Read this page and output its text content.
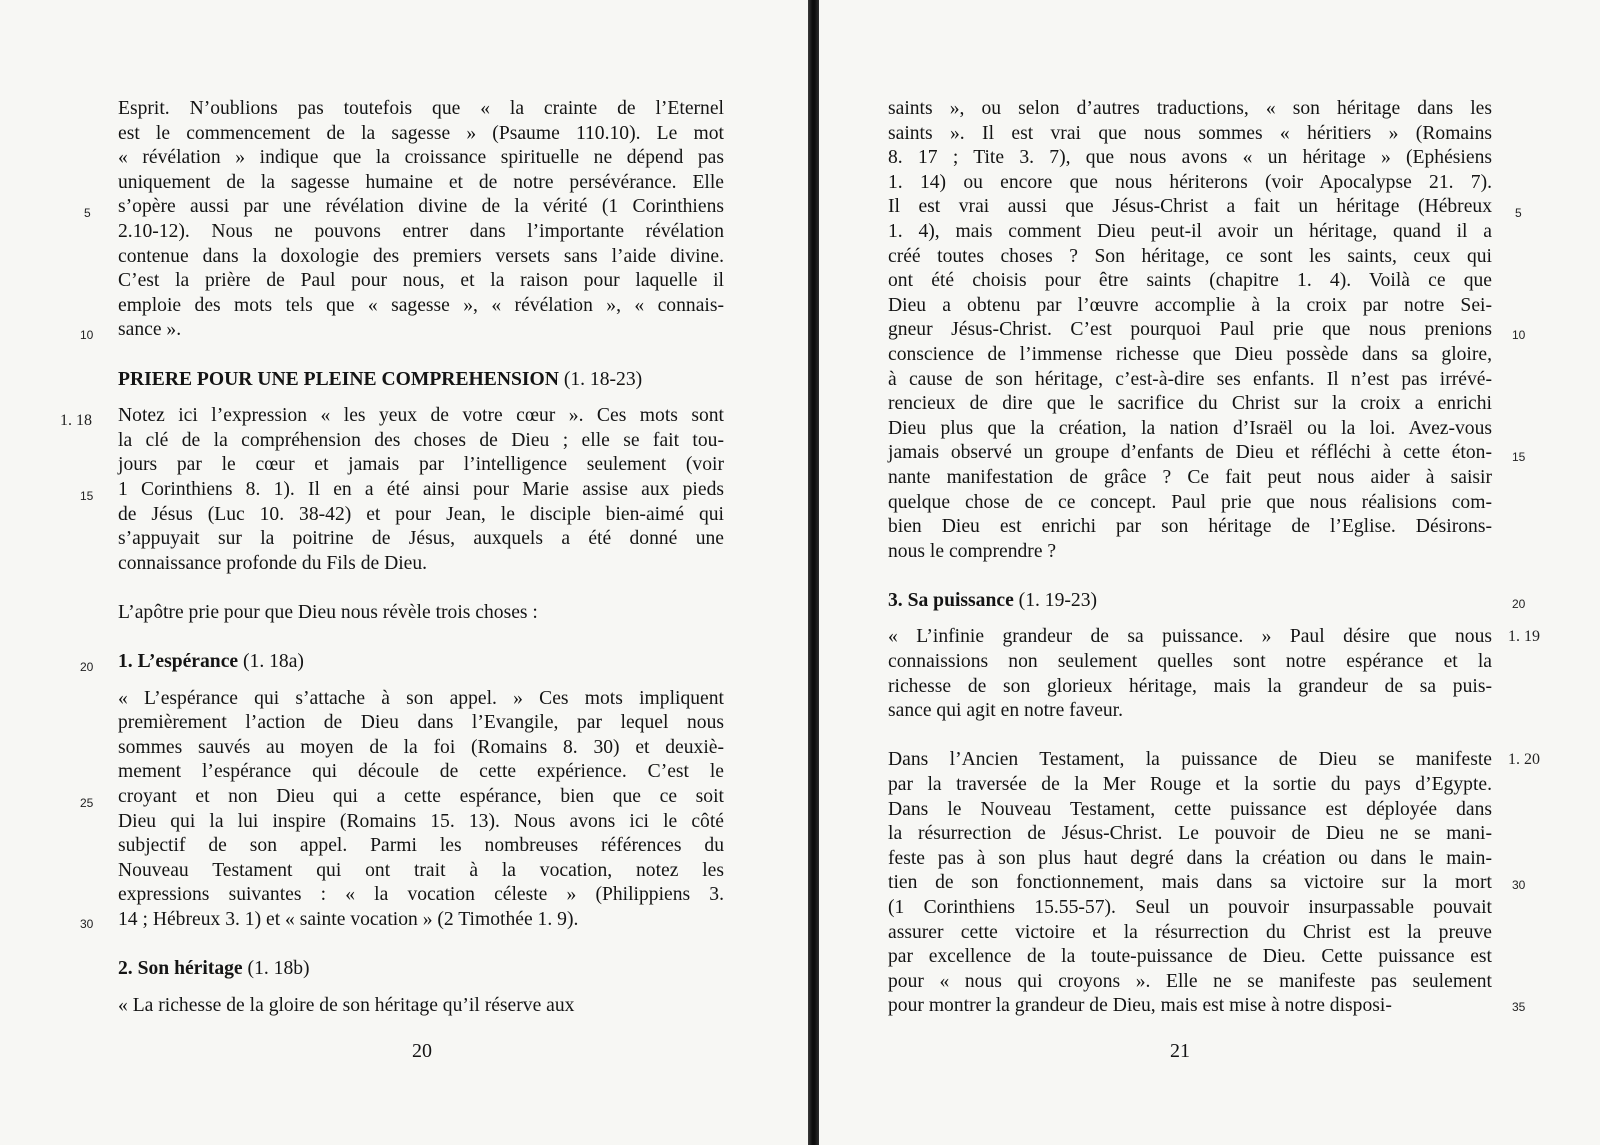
Esprit. N’oublions pas toutefois que « la crainte de l’Eternel
est le commencement de la sagesse » (Psaume 110.10). Le mot
« révélation » indique que la croissance spirituelle ne dépend pas
uniquement de la sagesse humaine et de notre persévérance. Elle
s’opère aussi par une révélation divine de la vérité (1 Corinthiens
2.10-12). Nous ne pouvons entrer dans l’importante révélation
contenue dans la doxologie des premiers versets sans l’aide divine.
C’est la prière de Paul pour nous, et la raison pour laquelle il
emploie des mots tels que « sagesse », « révélation », « connais-
sance ».
PRIERE POUR UNE PLEINE COMPREHENSION (1. 18-23)
Notez ici l’expression « les yeux de votre cœur ». Ces mots sont
la clé de la compréhension des choses de Dieu ; elle se fait tou-
jours par le cœur et jamais par l’intelligence seulement (voir
1 Corinthiens 8. 1). Il en a été ainsi pour Marie assise aux pieds
de Jésus (Luc 10. 38-42) et pour Jean, le disciple bien-aimé qui
s’appuyait sur la poitrine de Jésus, auxquels a été donné une
connaissance profonde du Fils de Dieu.
L’apôtre prie pour que Dieu nous révèle trois choses :
1. L’espérance (1. 18a)
« L’espérance qui s’attache à son appel. » Ces mots impliquent
premièrement l’action de Dieu dans l’Evangile, par lequel nous
sommes sauvés au moyen de la foi (Romains 8. 30) et deuxiè-
mement l’espérance qui découle de cette expérience. C’est le
croyant et non Dieu qui a cette espérance, bien que ce soit
Dieu qui la lui inspire (Romains 15. 13). Nous avons ici le côté
subjectif de son appel. Parmi les nombreuses références du
Nouveau Testament qui ont trait à la vocation, notez les
expressions suivantes : « la vocation céleste » (Philippiens 3.
14 ; Hébreux 3. 1) et « sainte vocation » (2 Timothée 1. 9).
2. Son héritage (1. 18b)
« La richesse de la gloire de son héritage qu’il réserve aux
5
10
15
20
25
30
1. 18
20
saints », ou selon d’autres traductions, « son héritage dans les
saints ». Il est vrai que nous sommes « héritiers » (Romains
8. 17 ; Tite 3. 7), que nous avons « un héritage » (Ephésiens
1. 14) ou encore que nous hériterons (voir Apocalypse 21. 7).
Il est vrai aussi que Jésus-Christ a fait un héritage (Hébreux
1. 4), mais comment Dieu peut-il avoir un héritage, quand il a
créé toutes choses ? Son héritage, ce sont les saints, ceux qui
ont été choisis pour être saints (chapitre 1. 4). Voilà ce que
Dieu a obtenu par l’œuvre accomplie à la croix par notre Sei-
gneur Jésus-Christ. C’est pourquoi Paul prie que nous prenions
conscience de l’immense richesse que Dieu possède dans sa gloire,
à cause de son héritage, c’est-à-dire ses enfants. Il n’est pas irrévé-
rencieux de dire que le sacrifice du Christ sur la croix a enrichi
Dieu plus que la création, la nation d’Israël ou la loi. Avez-vous
jamais observé un groupe d’enfants de Dieu et réfléchi à cette éton-
nante manifestation de grâce ? Ce fait peut nous aider à saisir
quelque chose de ce concept. Paul prie que nous réalisions com-
bien Dieu est enrichi par son héritage de l’Eglise. Désirons-
nous le comprendre ?
3. Sa puissance (1. 19-23)
« L’infinie grandeur de sa puissance. » Paul désire que nous
connaissions non seulement quelles sont notre espérance et la
richesse de son glorieux héritage, mais la grandeur de sa puis-
sance qui agit en notre faveur.
Dans l’Ancien Testament, la puissance de Dieu se manifeste
par la traversée de la Mer Rouge et la sortie du pays d’Egypte.
Dans le Nouveau Testament, cette puissance est déployée dans
la résurrection de Jésus-Christ. Le pouvoir de Dieu ne se mani-
feste pas à son plus haut degré dans la création ou dans le main-
tien de son fonctionnement, mais dans sa victoire sur la mort
(1 Corinthiens 15.55-57). Seul un pouvoir insurpassable pouvait
assurer cette victoire et la résurrection du Christ est la preuve
par excellence de la toute-puissance de Dieu. Cette puissance est
pour « nous qui croyons ». Elle ne se manifeste pas seulement
pour montrer la grandeur de Dieu, mais est mise à notre disposi-
5
10
15
20
30
35
1. 19
1. 20
21
